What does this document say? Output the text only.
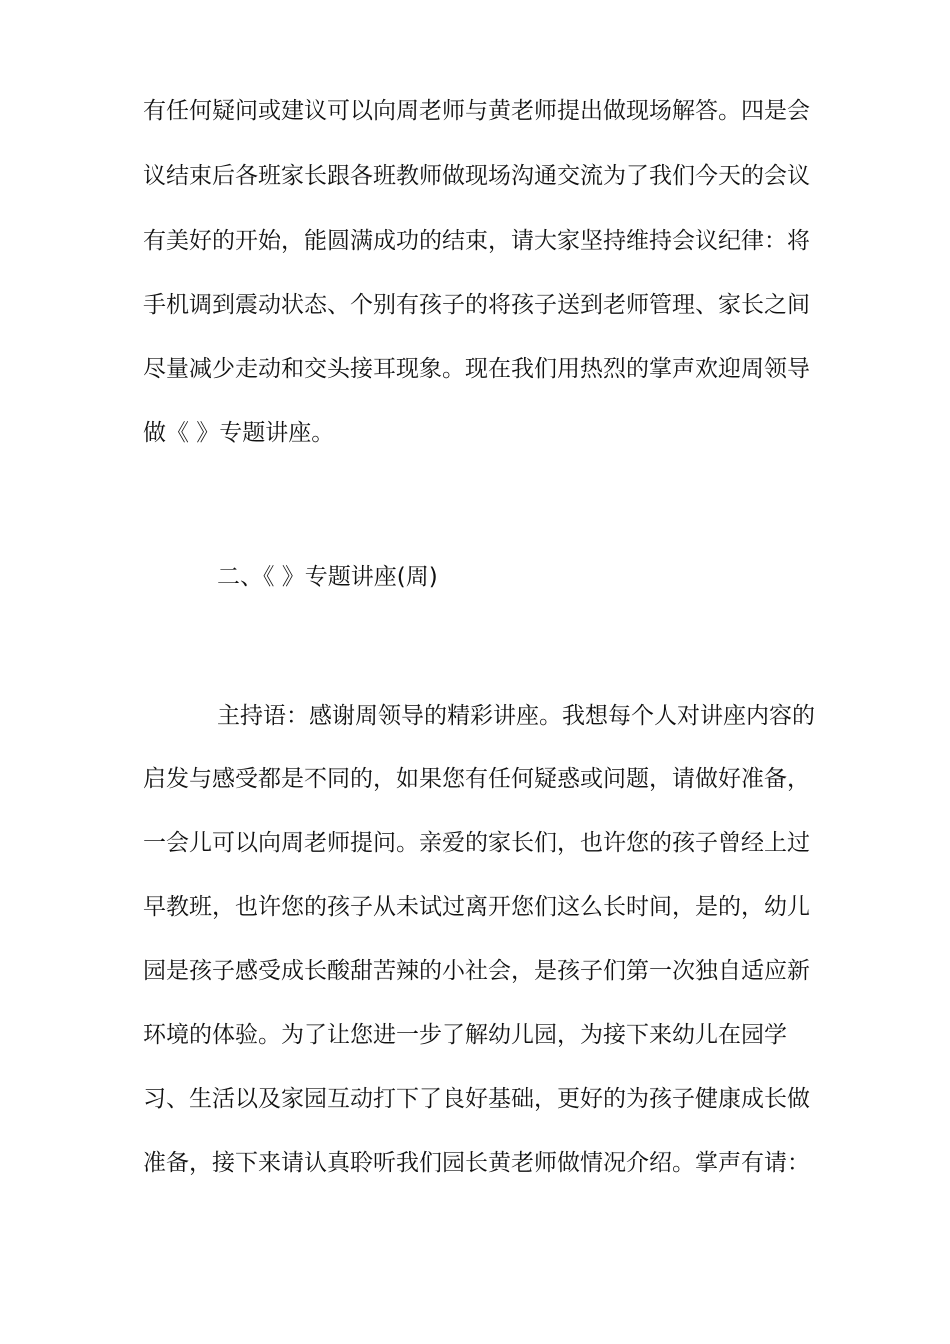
有任何疑问或建议可以向周老师与黄老师提出做现场解答。四是会
议结束后各班家长跟各班教师做现场沟通交流为了我们今天的会议
有美好的开始，能圆满成功的结束，请大家坚持维持会议纪律：将
手机调到震动状态、个别有孩子的将孩子送到老师管理、家长之间
尽量减少走动和交头接耳现象。现在我们用热烈的掌声欢迎周领导
做《 》专题讲座。
二、《 》专题讲座(周)
主持语：感谢周领导的精彩讲座。我想每个人对讲座内容的
启发与感受都是不同的，如果您有任何疑惑或问题，请做好准备，
一会儿可以向周老师提问。亲爱的家长们，也许您的孩子曾经上过
早教班，也许您的孩子从未试过离开您们这么长时间，是的，幼儿
园是孩子感受成长酸甜苦辣的小社会，是孩子们第一次独自适应新
环境的体验。为了让您进一步了解幼儿园，为接下来幼儿在园学
习、生活以及家园互动打下了良好基础，更好的为孩子健康成长做
准备，接下来请认真聆听我们园长黄老师做情况介绍。掌声有请：
